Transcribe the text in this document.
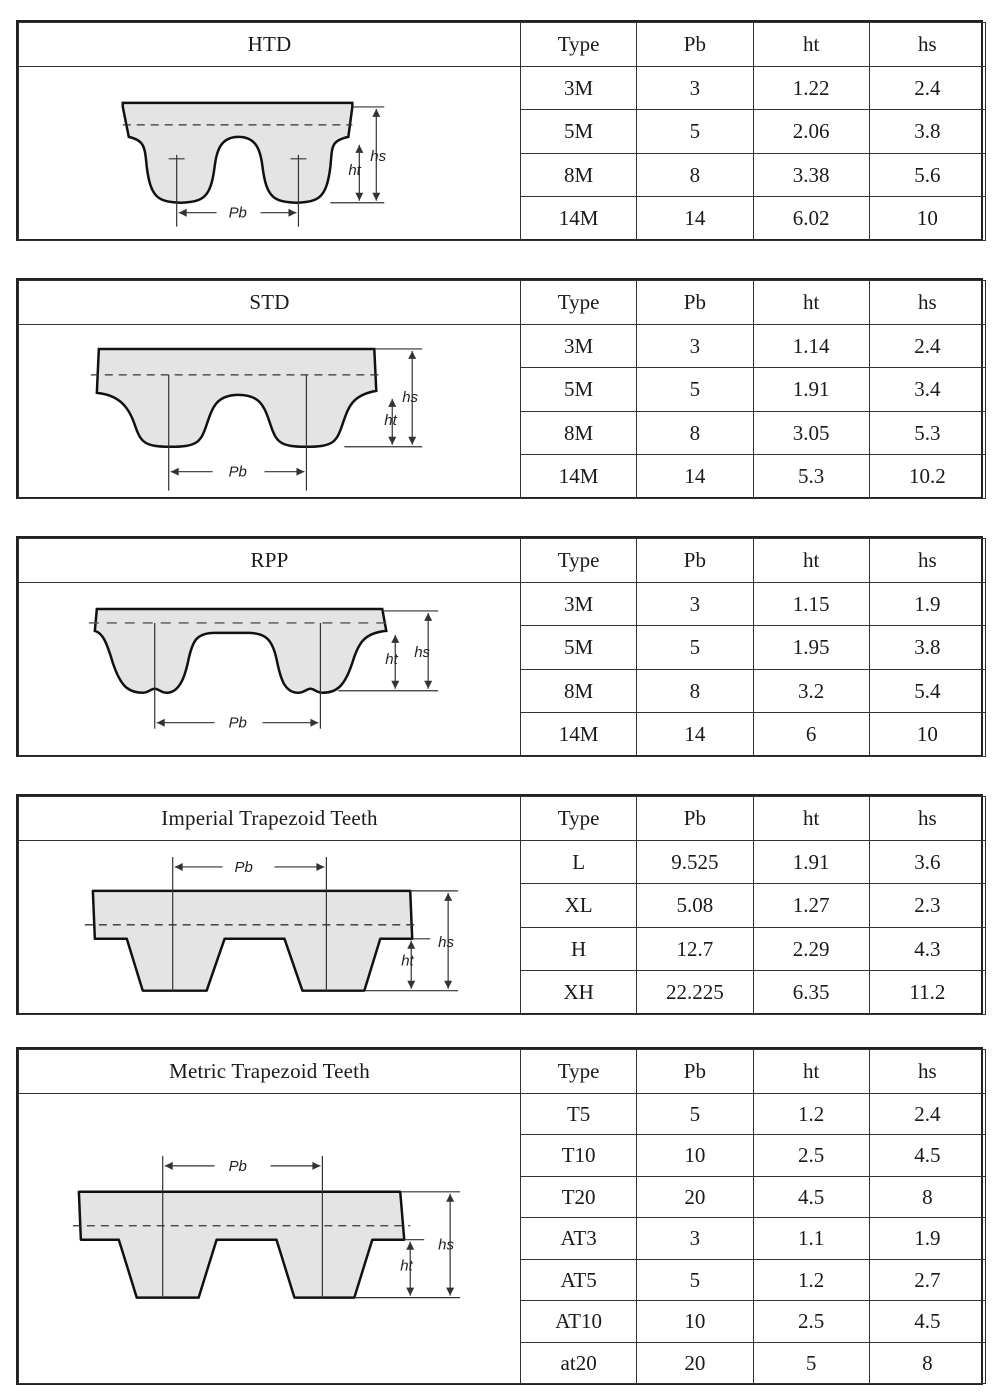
HTD	Type	Pb	ht	hs

Pb
hs
ht	3M	3	1.22	2.4
	5M	5	2.06	3.8
	8M	8	3.38	5.6
	14M	14	6.02	10
STD	Type	Pb	ht	hs

Pb
hs
ht	3M	3	1.14	2.4
	5M	5	1.91	3.4
	8M	8	3.05	5.3
	14M	14	5.3	10.2
RPP	Type	Pb	ht	hs

Pb
hs
ht	3M	3	1.15	1.9
	5M	5	1.95	3.8
	8M	8	3.2	5.4
	14M	14	6	10
Imperial Trapezoid Teeth	Type	Pb	ht	hs

Pb
hs
ht	L	9.525	1.91	3.6
	XL	5.08	1.27	2.3
	H	12.7	2.29	4.3
	XH	22.225	6.35	11.2
Metric Trapezoid Teeth	Type	Pb	ht	hs

Pb
hs
ht	T5	5	1.2	2.4
	T10	10	2.5	4.5
	T20	20	4.5	8
	AT3	3	1.1	1.9
	AT5	5	1.2	2.7
	AT10	10	2.5	4.5
	at20	20	5	8
